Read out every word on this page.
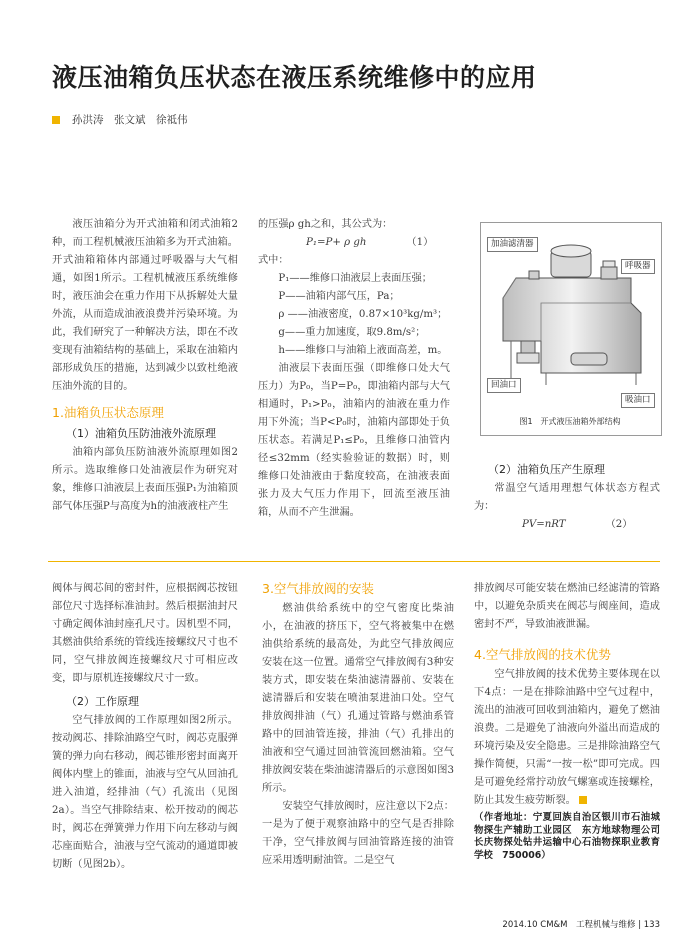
液压油箱负压状态在液压系统维修中的应用
孙洪涛　张文斌　徐祗伟

液压油箱分为开式油箱和闭式油箱2种，而工程机械液压油箱多为开式油箱。开式油箱箱体内部通过呼吸器与大气相通，如图1所示。工程机械液压系统维修时，液压油会在重力作用下从拆解处大量外流，从而造成油液浪费并污染环境。为此，我们研究了一种解决方法，即在不改变现有油箱结构的基础上，采取在油箱内部形成负压的措施，达到减少以致杜绝液压油外流的目的。

1.油箱负压状态原理
（1）油箱负压防油液外流原理

油箱内部负压防油液外流原理如图2所示。选取维修口处油液层作为研究对象，维修口油液层上表面压强P₁为油箱顶部气体压强P与高度为h的油液液柱产生

的压强ρ gh之和，其公式为：

P₁=P+ ρ gh	（1）

式中：

P₁——维修口油液层上表面压强；

P——油箱内部气压，Pa；

ρ ——油液密度，0.87×10³kg/m³；

g——重力加速度，取9.8m/s²；

h——维修口与油箱上液面高差，m。

油液层下表面压强（即维修口处大气压力）为P₀，当P=P₀，即油箱内部与大气相通时，P₁>P₀，油箱内的油液在重力作用下外流；当P<P₀时，油箱内部即处于负压状态。若满足P₁≤P₀，且维修口油管内径≤32mm（经实验验证的数据）时，则维修口处油液由于黏度较高，在油液表面张力及大气压力作用下，回流至液压油箱，从而不产生泄漏。

加油滤清器
呼吸器
回油口
吸油口
图1　开式液压油箱外部结构
（2）油箱负压产生原理

常温空气适用理想气体状态方程式为：

PV=nRT	（2）

阀体与阀芯间的密封件，应根据阀芯按钮部位尺寸选择标准油封。然后根据油封尺寸确定阀体油封座孔尺寸。因机型不同，其燃油供给系统的管线连接螺纹尺寸也不同，空气排放阀连接螺纹尺寸可相应改变，即与原机连接螺纹尺寸一致。

（2）工作原理

空气排放阀的工作原理如图2所示。按动阀芯、排除油路空气时，阀芯克服弹簧的弹力向右移动，阀芯锥形密封面离开阀体内壁上的锥面，油液与空气从回油孔进入油道，经排油（气）孔流出（见图2a）。当空气排除结束、松开按动的阀芯时，阀芯在弹簧弹力作用下向左移动与阀芯座面贴合，油液与空气流动的通道即被切断（见图2b）。

3.空气排放阀的安装

燃油供给系统中的空气密度比柴油小，在油液的挤压下，空气将被集中在燃油供给系统的最高处，为此空气排放阀应安装在这一位置。通常空气排放阀有3种安装方式，即安装在柴油滤清器前、安装在滤清器后和安装在喷油泵进油口处。空气排放阀排油（气）孔通过管路与燃油系管路中的回油管连接，排油（气）孔排出的油液和空气通过回油管流回燃油箱。空气排放阀安装在柴油滤清器后的示意图如图3所示。

安装空气排放阀时，应注意以下2点：一是为了便于观察油路中的空气是否排除干净，空气排放阀与回油管路连接的油管应采用透明耐油管。二是空气

排放阀尽可能安装在燃油已经滤清的管路中，以避免杂质夹在阀芯与阀座间，造成密封不严，导致油液泄漏。

4.空气排放阀的技术优势

空气排放阀的技术优势主要体现在以下4点：一是在排除油路中空气过程中，流出的油液可回收到油箱内，避免了燃油浪费。二是避免了油液向外溢出而造成的环境污染及安全隐患。三是排除油路空气操作简便，只需“一按一松”即可完成。四是可避免经常拧动放气螺塞或连接螺栓，防止其发生疲劳断裂。

（作者地址：宁夏回族自治区银川市石油城物探生产辅助工业园区　东方地球物理公司长庆物探处钻井运输中心石油物探职业教育学校　750006）

2014.10 CM&M　工程机械与维修 | 133
